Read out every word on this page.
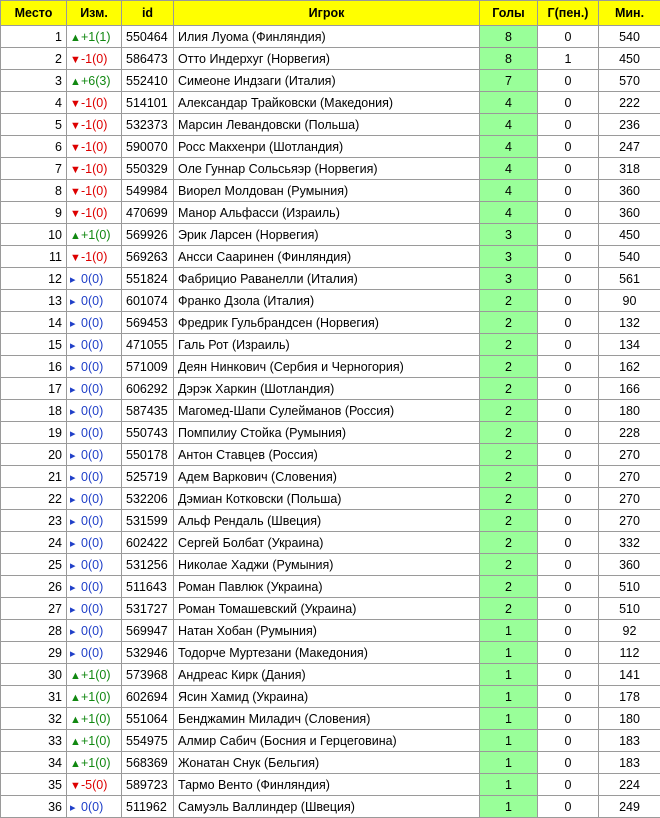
Место	Изм.	id	Игрок	Голы	Г(пен.)	Мин.
1	▲+1(1)	550464	Илия Луома (Финляндия)	8	0	540
2	▼-1(0)	586473	Отто Индерхуг (Норвегия)	8	1	450
3	▲+6(3)	552410	Симеоне Индзаги (Италия)	7	0	570
4	▼-1(0)	514101	Александар Трайковски (Македония)	4	0	222
5	▼-1(0)	532373	Марсин Левандовски (Польша)	4	0	236
6	▼-1(0)	590070	Росс Макхенри (Шотландия)	4	0	247
7	▼-1(0)	550329	Оле Гуннар Сольсьяэр (Норвегия)	4	0	318
8	▼-1(0)	549984	Виорел Молдован (Румыния)	4	0	360
9	▼-1(0)	470699	Манор Альфасси (Израиль)	4	0	360
10	▲+1(0)	569926	Эрик Ларсен (Норвегия)	3	0	450
11	▼-1(0)	569263	Ансси Сааринен (Финляндия)	3	0	540
12	▸ 0(0)	551824	Фабрицио Раванелли (Италия)	3	0	561
13	▸ 0(0)	601074	Франко Дзола (Италия)	2	0	90
14	▸ 0(0)	569453	Фредрик Гульбрандсен (Норвегия)	2	0	132
15	▸ 0(0)	471055	Галь Рот (Израиль)	2	0	134
16	▸ 0(0)	571009	Деян Нинкович (Сербия и Черногория)	2	0	162
17	▸ 0(0)	606292	Дэрэк Харкин (Шотландия)	2	0	166
18	▸ 0(0)	587435	Магомед-Шапи Сулейманов (Россия)	2	0	180
19	▸ 0(0)	550743	Помпилиу Стойка (Румыния)	2	0	228
20	▸ 0(0)	550178	Антон Ставцев (Россия)	2	0	270
21	▸ 0(0)	525719	Адем Варкович (Словения)	2	0	270
22	▸ 0(0)	532206	Дэмиан Котковски (Польша)	2	0	270
23	▸ 0(0)	531599	Альф Рендаль (Швеция)	2	0	270
24	▸ 0(0)	602422	Сергей Болбат (Украина)	2	0	332
25	▸ 0(0)	531256	Николае Хаджи (Румыния)	2	0	360
26	▸ 0(0)	511643	Роман Павлюк (Украина)	2	0	510
27	▸ 0(0)	531727	Роман Томашевский (Украина)	2	0	510
28	▸ 0(0)	569947	Натан Хобан (Румыния)	1	0	92
29	▸ 0(0)	532946	Тодорче Муртезани (Македония)	1	0	112
30	▲+1(0)	573968	Андреас Кирк (Дания)	1	0	141
31	▲+1(0)	602694	Ясин Хамид (Украина)	1	0	178
32	▲+1(0)	551064	Бенджамин Миладич (Словения)	1	0	180
33	▲+1(0)	554975	Алмир Сабич (Босния и Герцеговина)	1	0	183
34	▲+1(0)	568369	Жонатан Снук (Бельгия)	1	0	183
35	▼-5(0)	589723	Тармо Венто (Финляндия)	1	0	224
36	▸ 0(0)	511962	Самуэль Валлиндер (Швеция)	1	0	249
